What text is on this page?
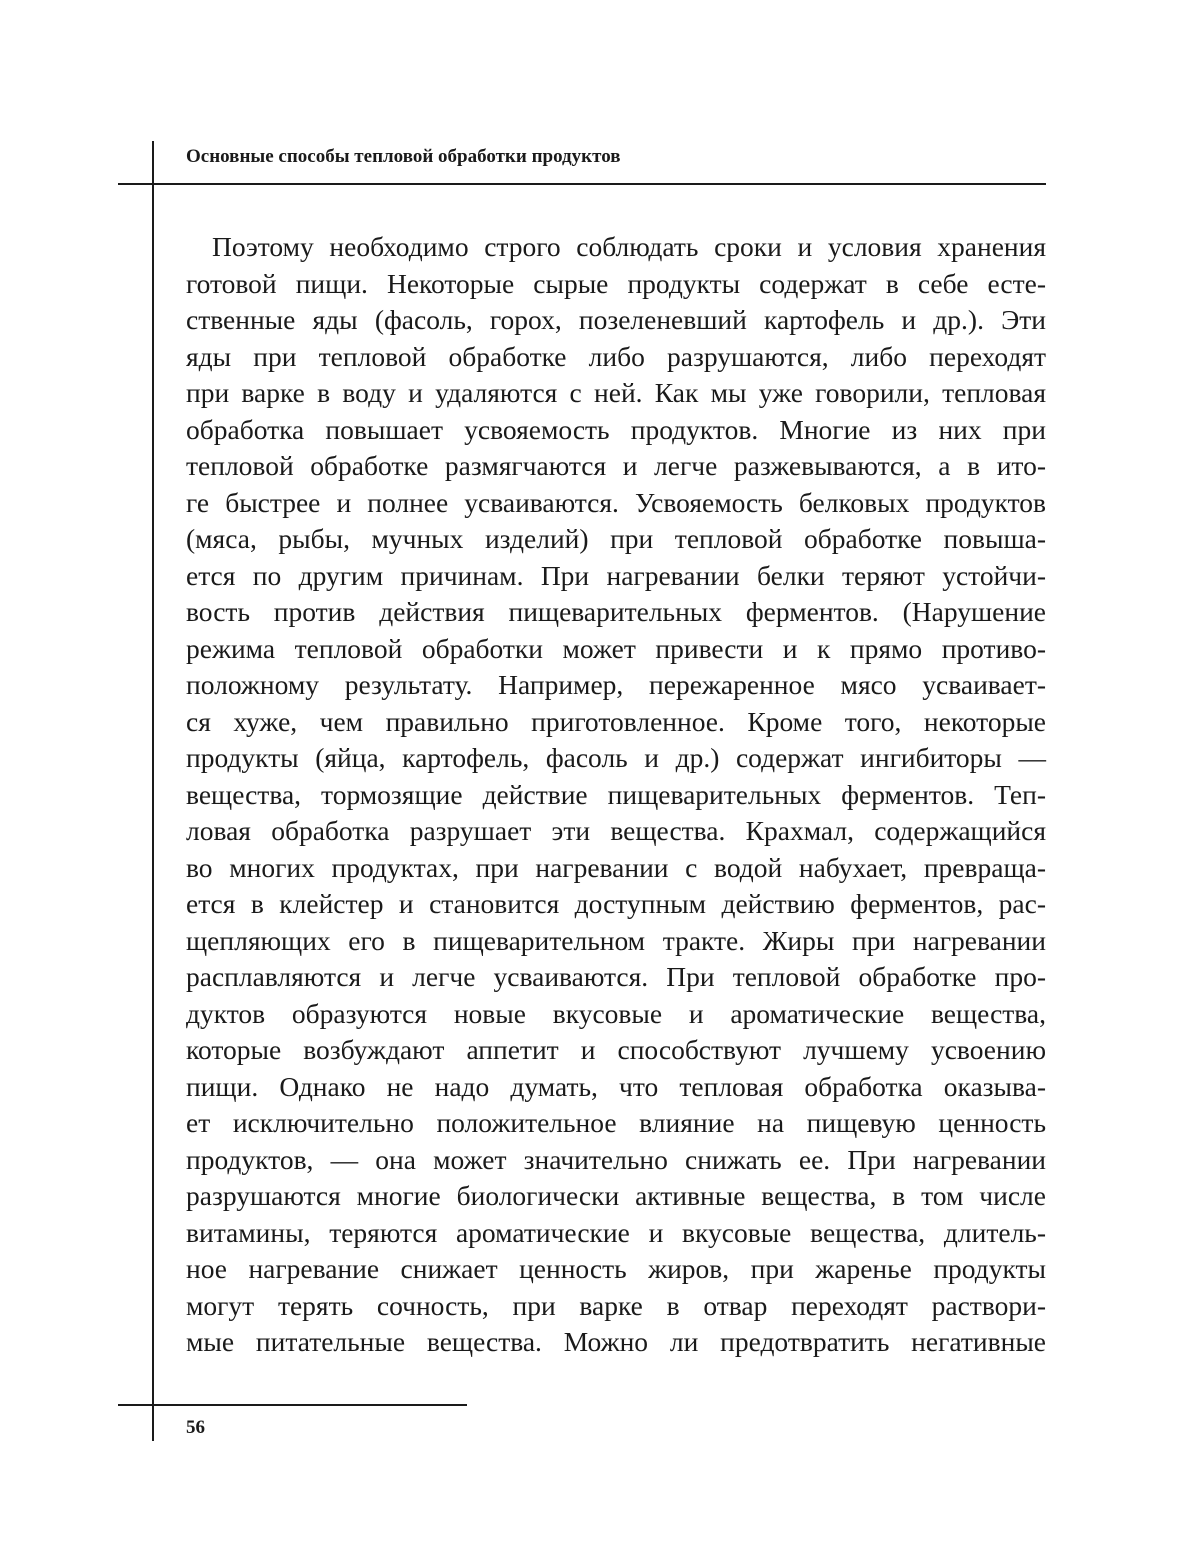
Основные способы тепловой обработки продуктов
Поэтому необходимо строго соблюдать сроки и условия хранения
готовой пищи. Некоторые сырые продукты содержат в себе есте-
ственные яды (фасоль, горох, позеленевший картофель и др.). Эти
яды при тепловой обработке либо разрушаются, либо переходят
при варке в воду и удаляются с ней. Как мы уже говорили, тепловая
обработка повышает усвояемость продуктов. Многие из них при
тепловой обработке размягчаются и легче разжевываются, а в ито-
ге быстрее и полнее усваиваются. Усвояемость белковых продуктов
(мяса, рыбы, мучных изделий) при тепловой обработке повыша-
ется по другим причинам. При нагревании белки теряют устойчи-
вость против действия пищеварительных ферментов. (Нарушение
режима тепловой обработки может привести и к прямо противо-
положному результату. Например, пережаренное мясо усваивает-
ся хуже, чем правильно приготовленное. Кроме того, некоторые
продукты (яйца, картофель, фасоль и др.) содержат ингибиторы —
вещества, тормозящие действие пищеварительных ферментов. Теп-
ловая обработка разрушает эти вещества. Крахмал, содержащийся
во многих продуктах, при нагревании с водой набухает, превраща-
ется в клейстер и становится доступным действию ферментов, рас-
щепляющих его в пищеварительном тракте. Жиры при нагревании
расплавляются и легче усваиваются. При тепловой обработке про-
дуктов образуются новые вкусовые и ароматические вещества,
которые возбуждают аппетит и способствуют лучшему усвоению
пищи. Однако не надо думать, что тепловая обработка оказыва-
ет исключительно положительное влияние на пищевую ценность
продуктов, — она может значительно снижать ее. При нагревании
разрушаются многие биологически активные вещества, в том числе
витамины, теряются ароматические и вкусовые вещества, длитель-
ное нагревание снижает ценность жиров, при жаренье продукты
могут терять сочность, при варке в отвар переходят раствори-
мые питательные вещества. Можно ли предотвратить негативные
56
